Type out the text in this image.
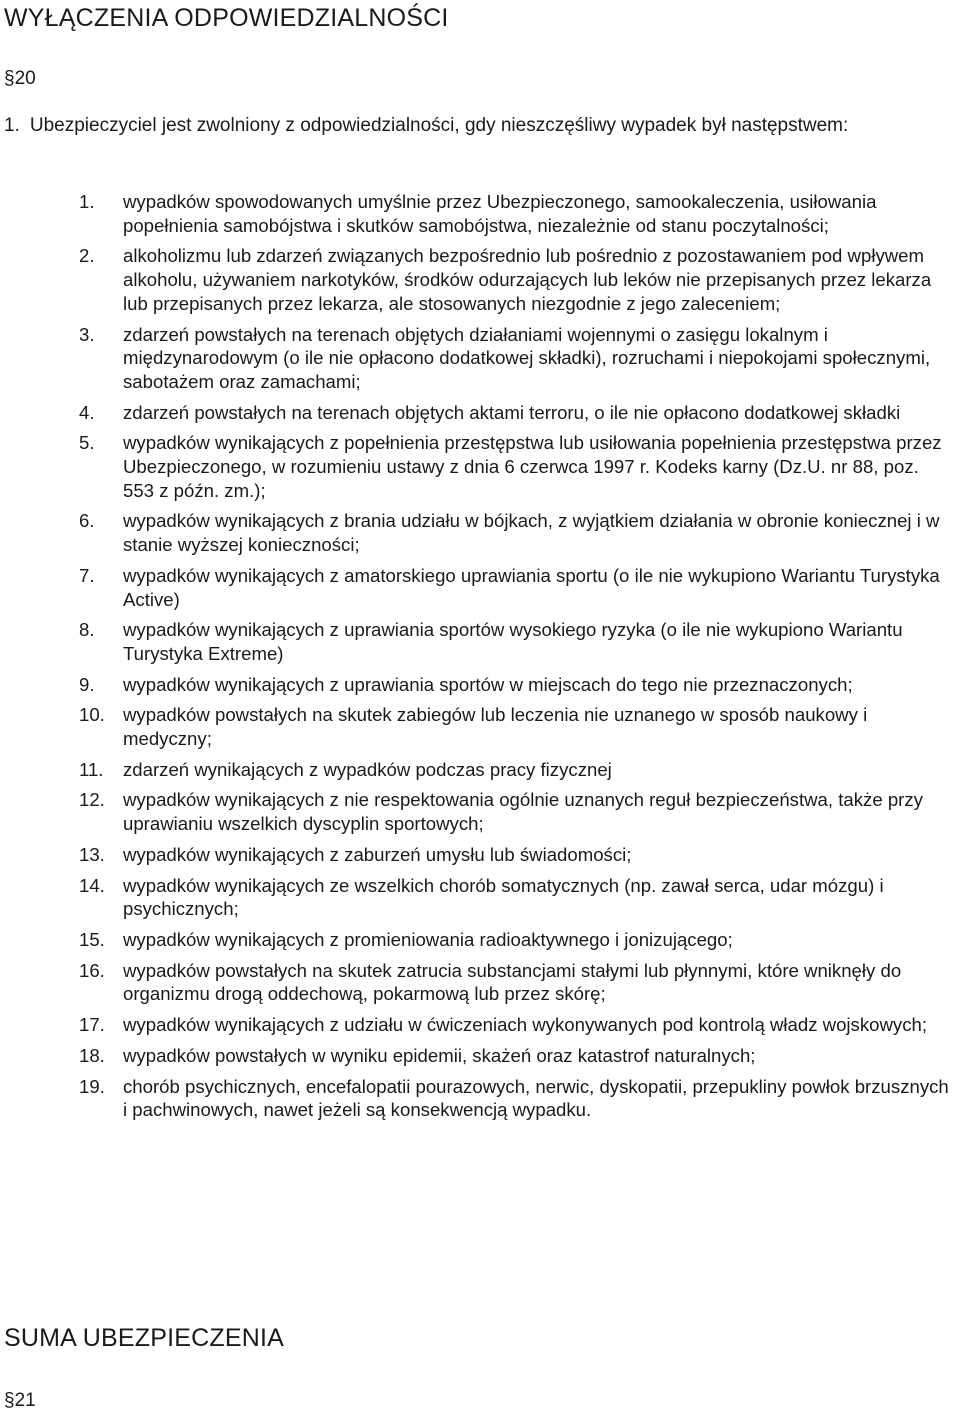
WYŁĄCZENIA ODPOWIEDZIALNOŚCI
§20

1. Ubezpieczyciel jest zwolniony z odpowiedzialności, gdy nieszczęśliwy wypadek był następstwem:

1. wypadków spowodowanych umyślnie przez Ubezpieczonego, samookaleczenia, usiłowania popełnienia samobójstwa i skutków samobójstwa, niezależnie od stanu poczytalności;
2. alkoholizmu lub zdarzeń związanych bezpośrednio lub pośrednio z pozostawaniem pod wpływem alkoholu, używaniem narkotyków, środków odurzających lub leków nie przepisanych przez lekarza lub przepisanych przez lekarza, ale stosowanych niezgodnie z jego zaleceniem;
3. zdarzeń powstałych na terenach objętych działaniami wojennymi o zasięgu lokalnym i międzynarodowym (o ile nie opłacono dodatkowej składki), rozruchami i niepokojami społecznymi, sabotażem oraz zamachami;
4. zdarzeń powstałych na terenach objętych aktami terroru, o ile nie opłacono dodatkowej składki
5. wypadków wynikających z popełnienia przestępstwa lub usiłowania popełnienia przestępstwa przez Ubezpieczonego, w rozumieniu ustawy z dnia 6 czerwca 1997 r. Kodeks karny (Dz.U. nr 88, poz. 553 z późn. zm.);
6. wypadków wynikających z brania udziału w bójkach, z wyjątkiem działania w obronie koniecznej i w stanie wyższej konieczności;
7. wypadków wynikających z amatorskiego uprawiania sportu (o ile nie wykupiono Wariantu Turystyka Active)
8. wypadków wynikających z uprawiania sportów wysokiego ryzyka (o ile nie wykupiono Wariantu Turystyka Extreme)
9. wypadków wynikających z uprawiania sportów w miejscach do tego nie przeznaczonych;
10. wypadków powstałych na skutek zabiegów lub leczenia nie uznanego w sposób naukowy i medyczny;
11. zdarzeń wynikających z wypadków podczas pracy fizycznej
12. wypadków wynikających z nie respektowania ogólnie uznanych reguł bezpieczeństwa, także przy uprawianiu wszelkich dyscyplin sportowych;
13. wypadków wynikających z zaburzeń umysłu lub świadomości;
14. wypadków wynikających ze wszelkich chorób somatycznych (np. zawał serca, udar mózgu) i psychicznych;
15. wypadków wynikających z promieniowania radioaktywnego i jonizującego;
16. wypadków powstałych na skutek zatrucia substancjami stałymi lub płynnymi, które wniknęły do organizmu drogą oddechową, pokarmową lub przez skórę;
17. wypadków wynikających z udziału w ćwiczeniach wykonywanych pod kontrolą władz wojskowych;
18. wypadków powstałych w wyniku epidemii, skażeń oraz katastrof naturalnych;
19. chorób psychicznych, encefalopatii pourazowych, nerwic, dyskopatii, przepukliny powłok brzusznych i pachwinowych, nawet jeżeli są konsekwencją wypadku.
SUMA UBEZPIECZENIA
§21
